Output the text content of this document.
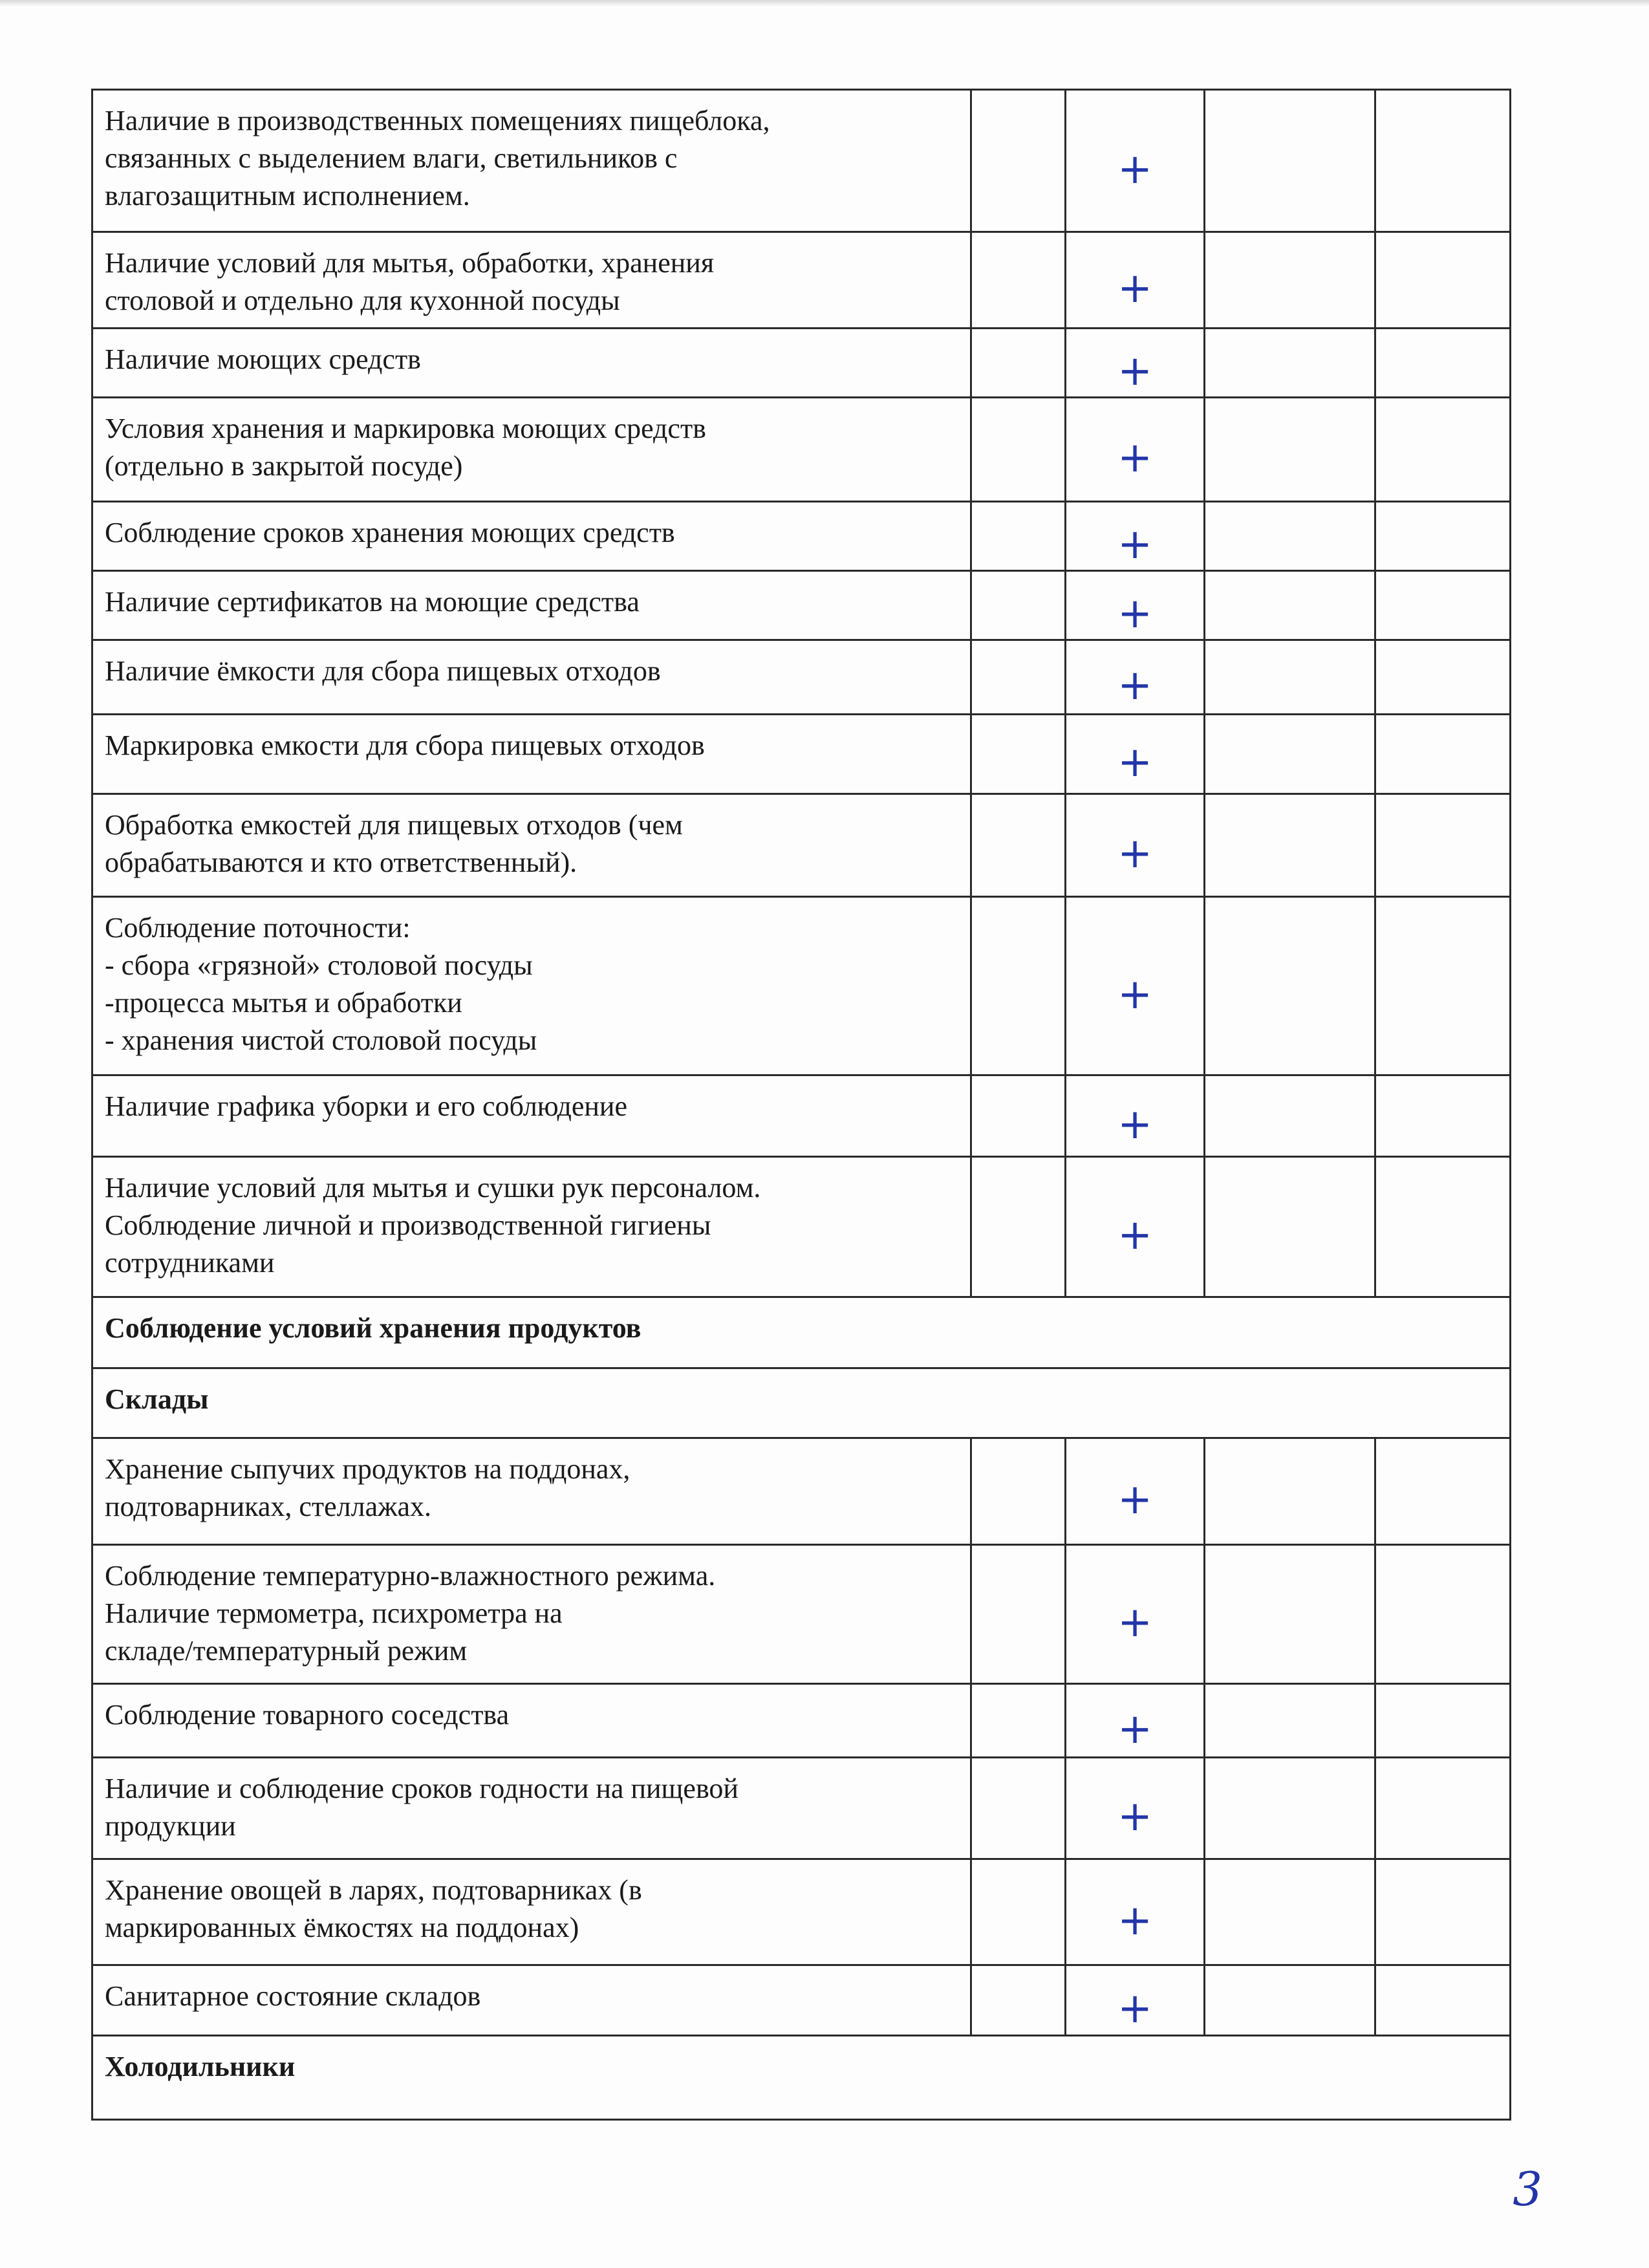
Наличие в производственных помещениях пищеблока,
связанных с выделением влаги, светильников с
влагозащитным исполнением.		+		

Наличие условий для мытья, обработки, хранения
столовой и отдельно для кухонной посуды		+		

Наличие моющих средств		+		

Условия хранения и маркировка моющих средств
(отдельно в закрытой посуде)		+		

Соблюдение сроков хранения моющих средств		+		

Наличие сертификатов на моющие средства		+		

Наличие ёмкости для сбора пищевых отходов		+		

Маркировка емкости для сбора пищевых отходов		+		

Обработка емкостей для пищевых отходов (чем
обрабатываются и кто ответственный).		+		

Соблюдение поточности:
- сбора «грязной» столовой посуды
-процесса мытья и обработки
- хранения чистой столовой посуды		+		

Наличие графика уборки и его соблюдение		+		

Наличие условий для мытья и сушки рук персоналом.
Соблюдение личной и производственной гигиены
сотрудниками		+		

Соблюдение условий хранения продуктов				
Склады				

Хранение сыпучих продуктов на поддонах,
подтоварниках, стеллажах.		+		

Соблюдение температурно-влажностного режима.
Наличие термометра, психрометра на
складе/температурный режим		+		

Соблюдение товарного соседства		+		

Наличие и соблюдение сроков годности на пищевой
продукции		+		

Хранение овощей в ларях, подтоварниках (в
маркированных ёмкостях на поддонах)		+		

Санитарное состояние складов		+		

Холодильники				
3
